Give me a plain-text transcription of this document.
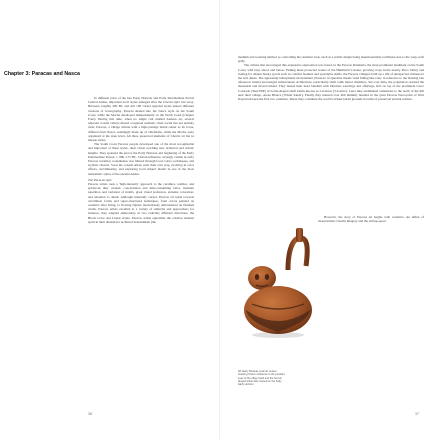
Chapter 3: Paracas and Nasca

In different parts of the late Early Horizon and Early Intermediate Period Central Andes, important local styles emerged after the Chavín style lost sway. Between roughly 200 BC and AD 100 varied regional styles shared different versions of iconography. Paracas shaded into the Nasca style on the South Coast, while the Moche developed independently on the North Coast (Chapter Four). During this time, when no single cult unified Andean art, several adjacent coastal valleys shared a regional aesthetic, their social ties not entirely clear. Paracas, a village culture with a high-prestige burial center as its focus, differed from Nasca, seemingly made up of chiefdoms, while the Moche were organized at the state level. All three preserved elements of Chavín art but in unique styles.

The South Coast Paracas people developed one of the most recognizable and important of these styles, their vision reaching new technical and artistic heights. They spanned the end of the Early Horizon and beginning of the Early Intermediate Period, c. 800–175 BC. Chavín influence, strongly visible in early Paracas ceramics, nonetheless was filtered through local colors, techniques, and stylistic choices. Soon the coastal artists went their own way, evolving in color effects, curvilinearity, and exploring local subject matter in one of the most naturalistic styles of the ancient Andes.

The Paracas style

Paracas artists took a 'high-intensity' approach to the ceramics, textiles, and goldwork they created: concentrated and time-consuming labor, insistent repetition and variation of motifs, great visual profusion, extreme coloration, and attention to detail. Although internally varied, Paracas art tends towards curvilinear forms and super-structured techniques, from colors painted on ceramics after firing, to flowing figures meticulously embroidered on finished cloths. Paracas artists excelled at a variety of subtechs and approaches; for instance, they adapted embroidery in two radically different directions, the Block Color and Linear styles. Paracas artists epitomize the creative Andean spirit in their disdain for technical determinism (the

medium and working method as controlling the resultant look, such as a textile design being insurmountably rectilinear due to the warp-weft grid).

The culture that encouraged this expressive exploration was based on the Paracas Peninsula, the most prominent landmark on the South Coast, with bays above and below. Fishing these protected waters of the Humboldt Current, growing crops in the nearby Pisco Valley and trading for distant luxury goods such as colorful feathers and spondylus shells, the Paracas villagers built up a life of unexpected richness in the arid dunes. The apparently inhospitable environment ('Paracas' in Quechua means 'sand falling like rain,' in reference to the blasting late afternoon winds) encouraged subterranean architecture, particularly shaft tomb burial chambers. Yet over time, the population reached the thousands and moved inland. They buried their dead bundled with fabulous weavings and offerings, first on top of the prominent Cerro Colorado ('Red Hill') in bottle-shaped shaft tombs known as Cavernas ('Caverns'). Later they established cemeteries to the north of the hill near their village, Arena Blanca ('White Sands'). Finally they interred over 400 mummy bundles in the great Paracas Necropolis of Wari Kayan between the first two centuries. These may constitute the world's richest burial grounds in terms of preserved ancient textiles.

However, the story of Paracas art begins with ceramics. An influx of characteristic Chavín imagery and the stirrup-spout

48. Early Paracas ceramic vessel showing Chavín influence in the pendant eyes of the effigy head and the formal fanged feline face incised on the body. Early Horizon.
38	37
